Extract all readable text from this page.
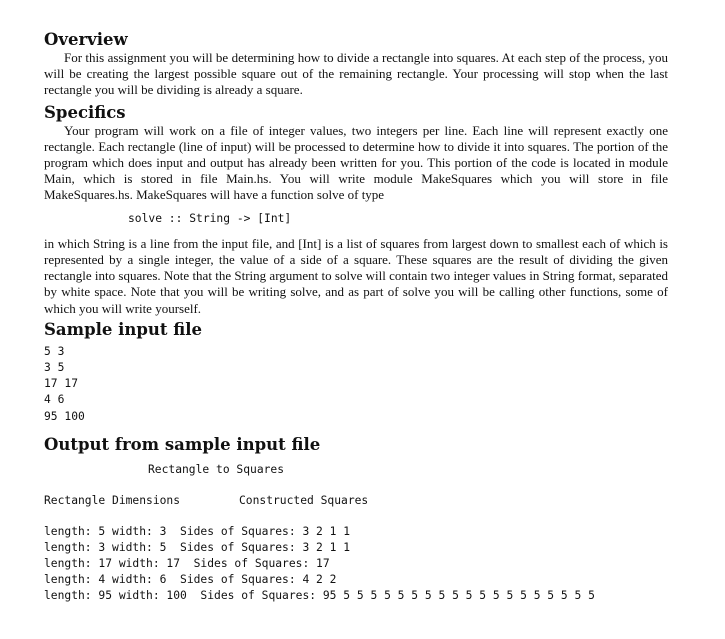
Overview

For this assignment you will be determining how to divide a rectangle into squares. At each step of the process, you will be creating the largest possible square out of the remaining rectangle. Your processing will stop when the last rectangle you will be dividing is already a square.

Specifics

Your program will work on a file of integer values, two integers per line. Each line will represent exactly one rectangle. Each rectangle (line of input) will be processed to determine how to divide it into squares. The portion of the program which does input and output has already been written for you. This portion of the code is located in module Main, which is stored in file Main.hs. You will write module MakeSquares which you will store in file MakeSquares.hs. MakeSquares will have a function solve of type

solve :: String -> [Int]

in which String is a line from the input file, and [Int] is a list of squares from largest down to smallest each of which is represented by a single integer, the value of a side of a square. These squares are the result of dividing the given rectangle into squares. Note that the String argument to solve will contain two integer values in String format, separated by white space. Note that you will be writing solve, and as part of solve you will be calling other functions, some of which you will write yourself.

Sample input file
5 3
3 5
17 17
4 6
95 100
Output from sample input file
Rectangle to Squares
Rectangle Dimensions	Constructed Squares
length: 5 width: 3  Sides of Squares: 3 2 1 1
length: 3 width: 5  Sides of Squares: 3 2 1 1
length: 17 width: 17  Sides of Squares: 17
length: 4 width: 6  Sides of Squares: 4 2 2
length: 95 width: 100  Sides of Squares: 95 5 5 5 5 5 5 5 5 5 5 5 5 5 5 5 5 5 5 5
